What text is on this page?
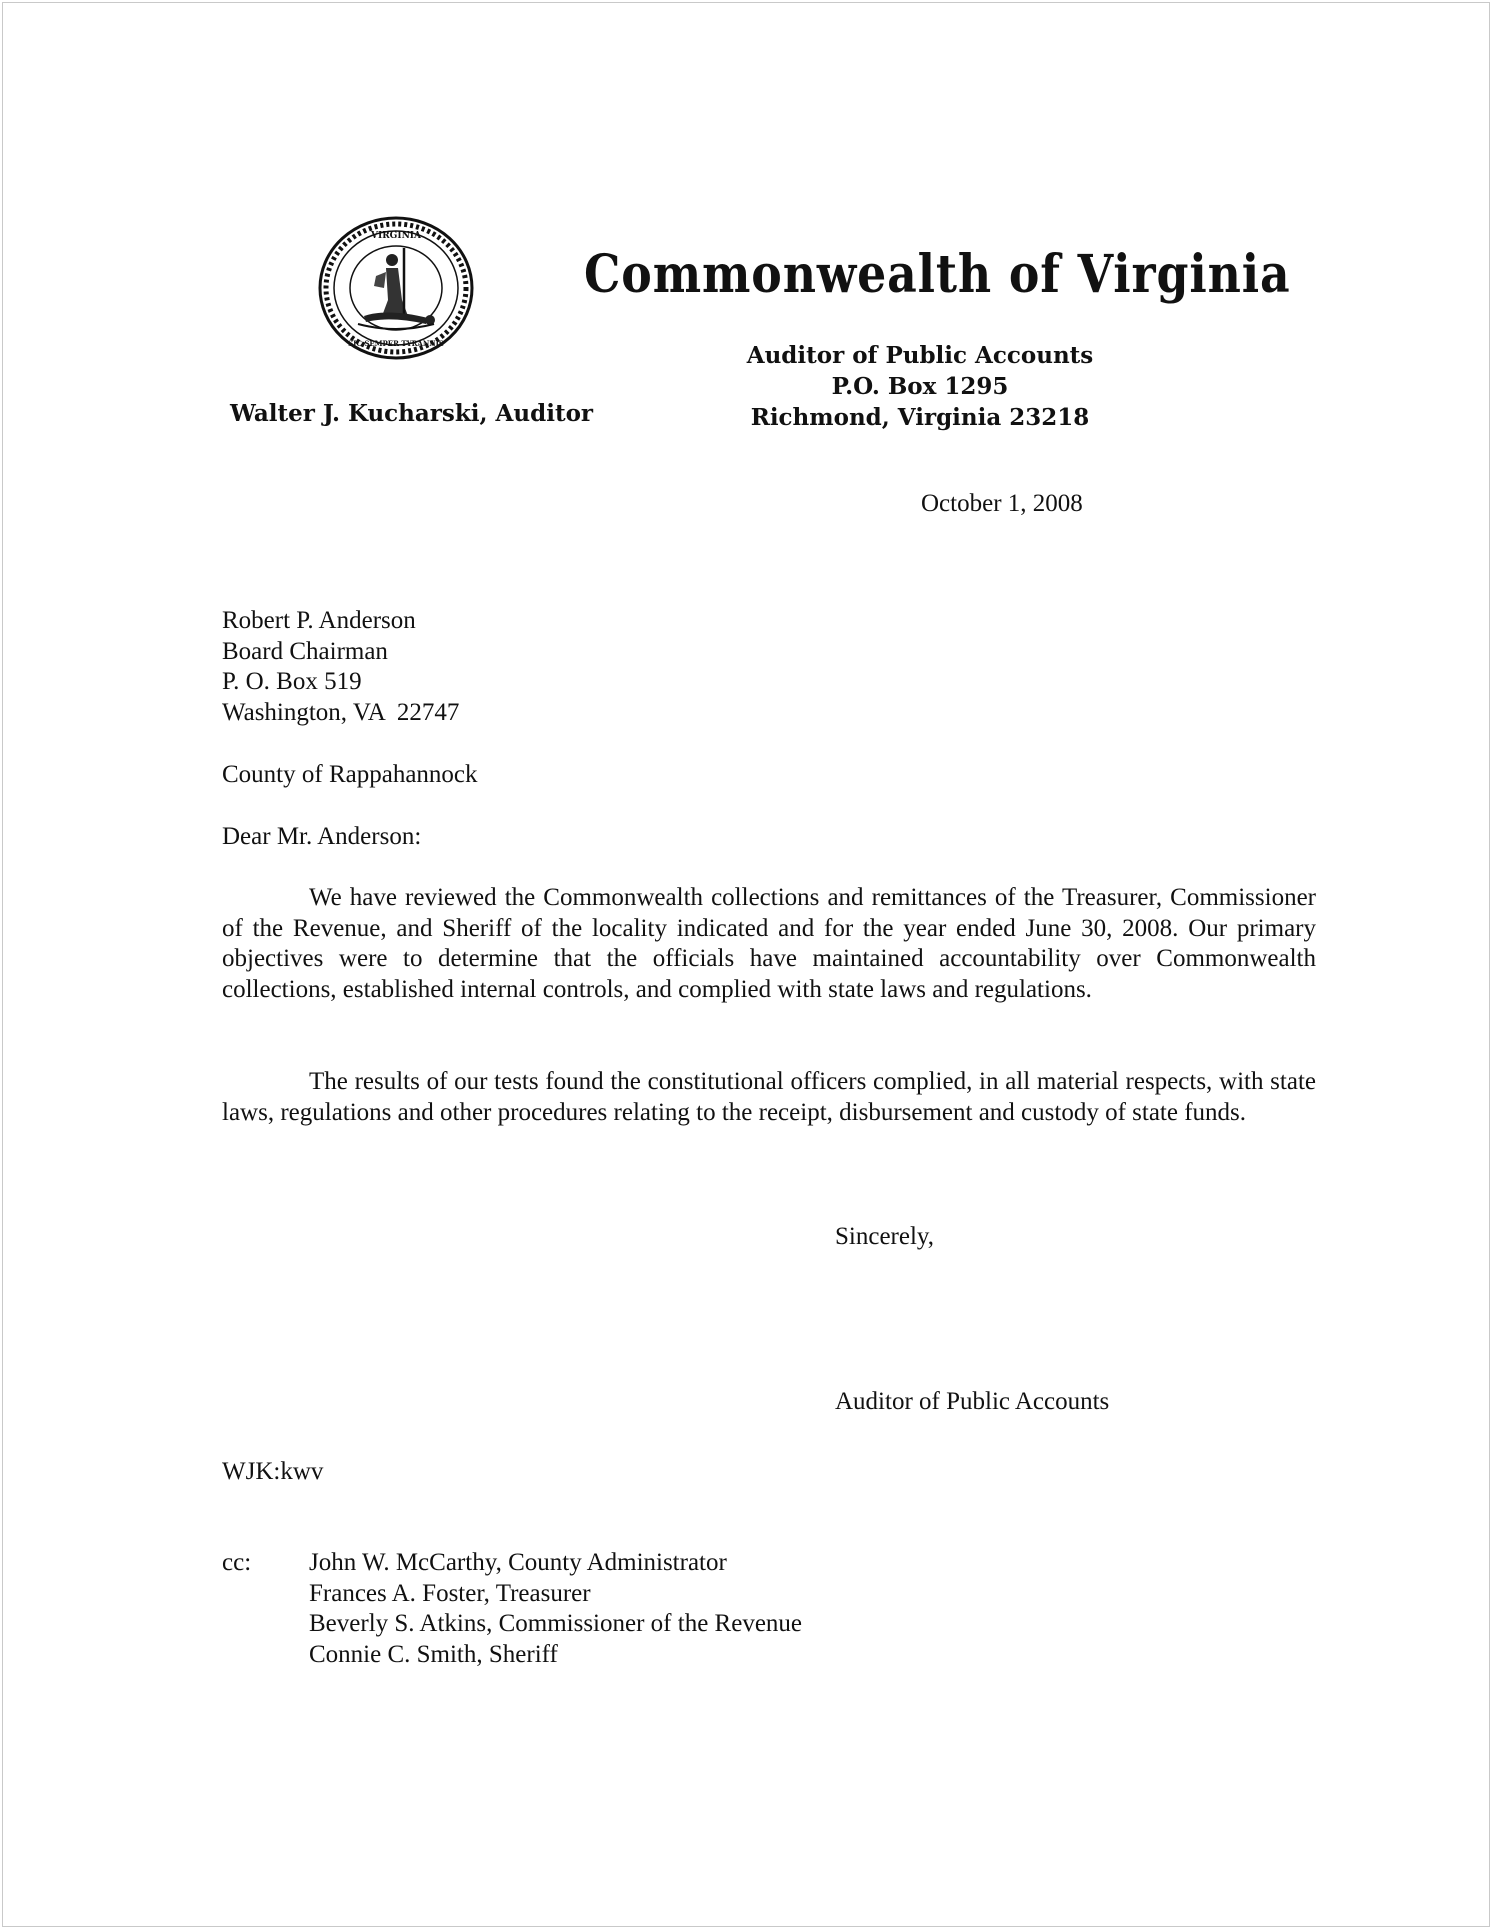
VIRGINIA
SIC SEMPER TYRANNIS
Commonwealth of Virginia
Auditor of Public Accounts
P.O. Box 1295
Richmond, Virginia 23218
Walter J. Kucharski, Auditor
October 1, 2008
Robert P. Anderson
Board Chairman
P. O. Box 519
Washington, VA  22747
County of Rappahannock
Dear Mr. Anderson:

We have reviewed the Commonwealth collections and remittances of the Treasurer, Commissioner of the Revenue, and Sheriff of the locality indicated and for the year ended June 30, 2008. Our primary objectives were to determine that the officials have maintained accountability over Commonwealth collections, established internal controls, and complied with state laws and regulations.

The results of our tests found the constitutional officers complied, in all material respects, with state laws, regulations and other procedures relating to the receipt, disbursement and custody of state funds.

Sincerely,
Auditor of Public Accounts
WJK:kwv
cc: John W. McCarthy, County Administrator
Frances A. Foster, Treasurer
Beverly S. Atkins, Commissioner of the Revenue
Connie C. Smith, Sheriff
